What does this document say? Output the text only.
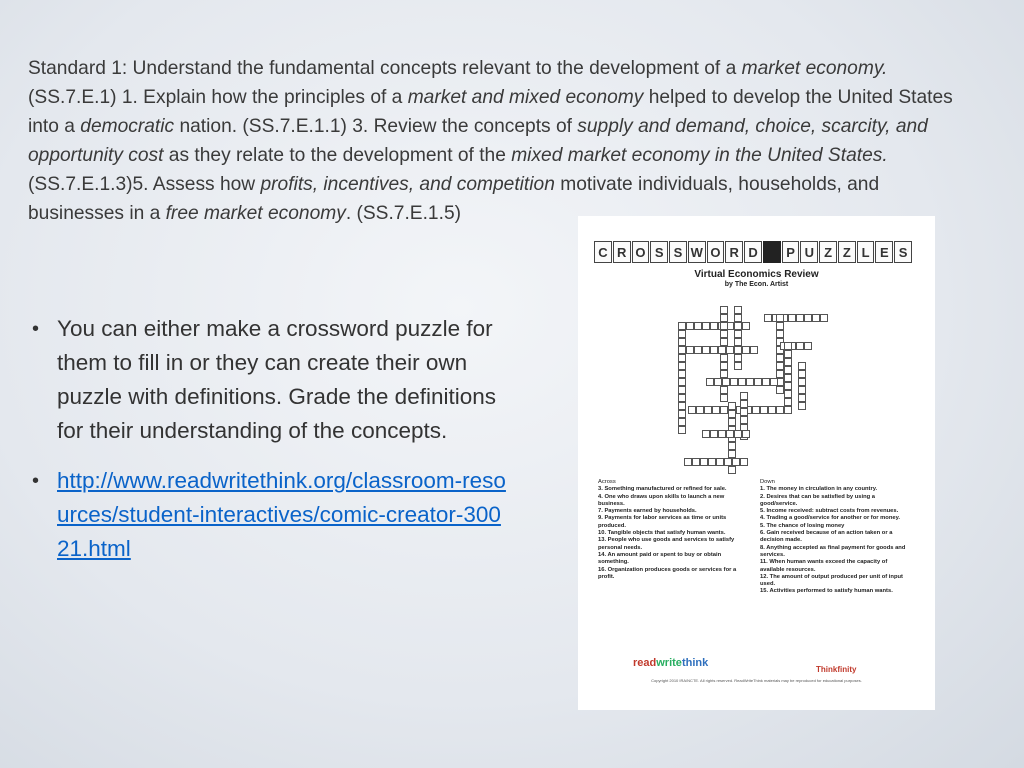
Standard 1: Understand the fundamental concepts relevant to the development of a market economy. (SS.7.E.1) 1. Explain how the principles of a market and mixed economy helped to develop the United States into a democratic nation. (SS.7.E.1.1) 3. Review the concepts of supply and demand, choice, scarcity, and opportunity cost as they relate to the development of the mixed market economy in the United States. (SS.7.E.1.3)5. Assess how profits, incentives, and competition motivate individuals, households, and businesses in a free market economy. (SS.7.E.1.5)
• You can either make a crossword puzzle for them to fill in or they can create their own puzzle with definitions. Grade the definitions for their understanding of the concepts.
• http://www.readwritethink.org/classroom-resources/student-interactives/comic-creator-30021.html
C R O S S W O R D	P U Z Z L E S
Virtual Economics Review
by The Econ. Artist
Across

3. Something manufactured or refined for sale.

4. One who draws upon skills to launch a new business.

7. Payments earned by households.

9. Payments for labor services as time or units produced.

10. Tangible objects that satisfy human wants.

13. People who use goods and services to satisfy personal needs.

14. An amount paid or spent to buy or obtain something.

16. Organization produces goods or services for a profit.

Down

1. The money in circulation in any country.

2. Desires that can be satisfied by using a good/service.

5. Income received: subtract costs from revenues.

4. Trading a good/service for another or for money.

5. The chance of losing money

6. Gain received because of an action taken or a decision made.

8. Anything accepted as final payment for goods and services.

11. When human wants exceed the capacity of available resources.

12. The amount of output produced per unit of input used.

15. Activities performed to satisfy human wants.

readwritethink
Thinkfinity
Copyright 2010 IRA/NCTE. All rights reserved. ReadWriteThink materials may be reproduced for educational purposes.
